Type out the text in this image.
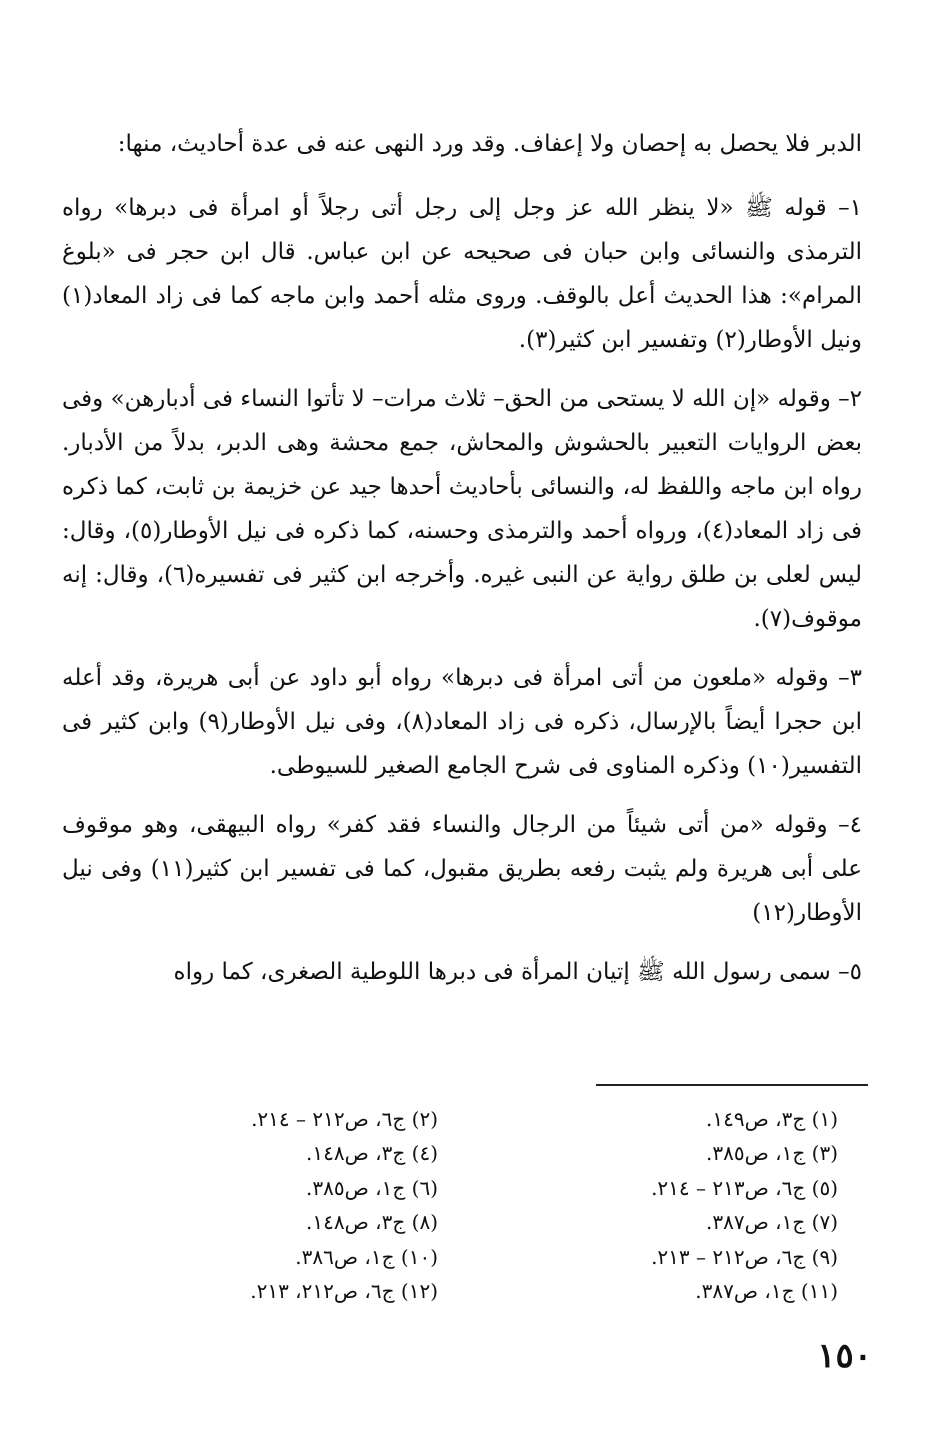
الدبر فلا يحصل به إحصان ولا إعفاف. وقد ورد النهى عنه فى عدة أحاديث، منها:

١– قوله ﷺ «لا ينظر الله عز وجل إلى رجل أتى رجلاً أو امرأة فى دبرها» رواه الترمذى والنسائى وابن حبان فى صحيحه عن ابن عباس. قال ابن حجر فى «بلوغ المرام»: هذا الحديث أعل بالوقف. وروى مثله أحمد وابن ماجه كما فى زاد المعاد(١) ونيل الأوطار(٢) وتفسير ابن كثير(٣).

٢– وقوله «إن الله لا يستحى من الحق– ثلاث مرات– لا تأتوا النساء فى أدبارهن» وفى بعض الروايات التعبير بالحشوش والمحاش، جمع محشة وهى الدبر، بدلاً من الأدبار. رواه ابن ماجه واللفظ له، والنسائى بأحاديث أحدها جيد عن خزيمة بن ثابت، كما ذكره فى زاد المعاد(٤)، ورواه أحمد والترمذى وحسنه، كما ذكره فى نيل الأوطار(٥)، وقال: ليس لعلى بن طلق رواية عن النبى غيره. وأخرجه ابن كثير فى تفسيره(٦)، وقال: إنه موقوف(٧).

٣– وقوله «ملعون من أتى امرأة فى دبرها» رواه أبو داود عن أبى هريرة، وقد أعله ابن حجرا أيضاً بالإرسال، ذكره فى زاد المعاد(٨)، وفى نيل الأوطار(٩) وابن كثير فى التفسير(١٠) وذكره المناوى فى شرح الجامع الصغير للسيوطى.

٤– وقوله «من أتى شيئاً من الرجال والنساء فقد كفر» رواه البيهقى، وهو موقوف على أبى هريرة ولم يثبت رفعه بطريق مقبول، كما فى تفسير ابن كثير(١١) وفى نيل الأوطار(١٢)

٥– سمى رسول الله ﷺ إتيان المرأة فى دبرها اللوطية الصغرى، كما رواه

(١) ج٣، ص١٤٩.
(٢) ج٦، ص٢١٢ – ٢١٤.
(٣) ج١، ص٣٨٥.
(٤) ج٣، ص١٤٨.
(٥) ج٦، ص٢١٣ – ٢١٤.
(٦) ج١، ص٣٨٥.
(٧) ج١، ص٣٨٧.
(٨) ج٣، ص١٤٨.
(٩) ج٦، ص٢١٢ – ٢١٣.
(١٠) ج١، ص٣٨٦.
(١١) ج١، ص٣٨٧.
(١٢) ج٦، ص٢١٢، ٢١٣.
١٥٠
